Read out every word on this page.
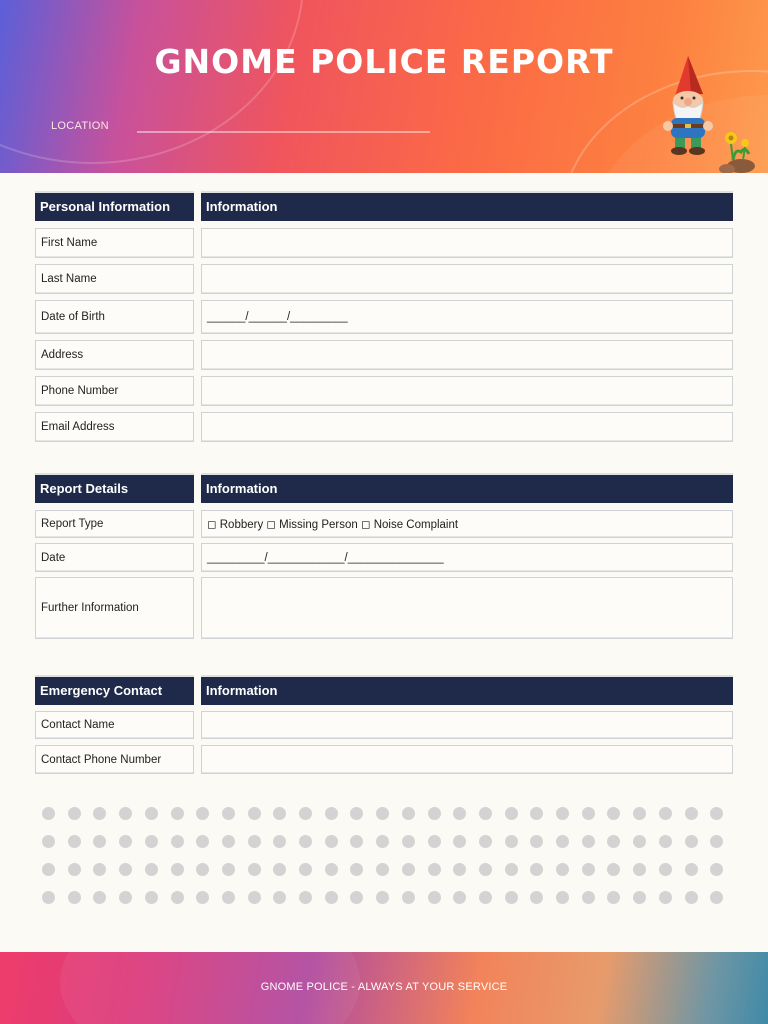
GNOME POLICE REPORT
LOCATION
Personal Information	Information
First Name
Last Name
Date of Birth	______/______/_________
Address
Phone Number
Email Address
Report Details	Information
Report Type	◻ Robbery ◻ Missing Person ◻ Noise Complaint
Date	_________/____________/_______________
Further Information
Emergency Contact	Information
Contact Name
Contact Phone Number
GNOME POLICE - ALWAYS AT YOUR SERVICE
